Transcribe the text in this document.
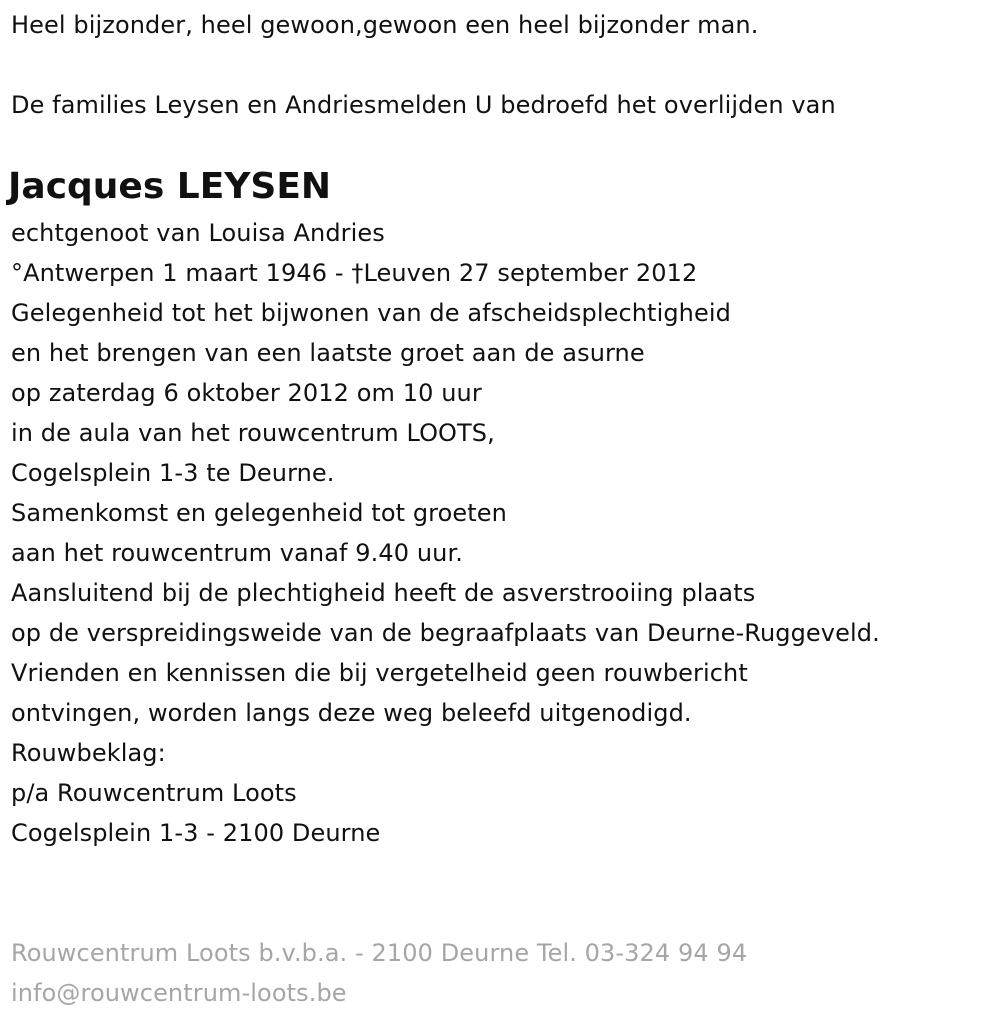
Heel bijzonder, heel gewoon,gewoon een heel bijzonder man.
De families Leysen en Andriesmelden U bedroefd het overlijden van
Jacques LEYSEN
echtgenoot van Louisa Andries
°Antwerpen 1 maart 1946 - †Leuven 27 september 2012
Gelegenheid tot het bijwonen van de afscheidsplechtigheid
en het brengen van een laatste groet aan de asurne
op zaterdag 6 oktober 2012 om 10 uur
in de aula van het rouwcentrum LOOTS,
Cogelsplein 1-3 te Deurne.
Samenkomst en gelegenheid tot groeten
aan het rouwcentrum vanaf 9.40 uur.
Aansluitend bij de plechtigheid heeft de asverstrooiing plaats
op de verspreidingsweide van de begraafplaats van Deurne-Ruggeveld.
Vrienden en kennissen die bij vergetelheid geen rouwbericht
ontvingen, worden langs deze weg beleefd uitgenodigd.
Rouwbeklag:
p/a Rouwcentrum Loots
Cogelsplein 1-3 - 2100 Deurne
Rouwcentrum Loots b.v.b.a. - 2100 Deurne Tel. 03-324 94 94
info@rouwcentrum-loots.be
